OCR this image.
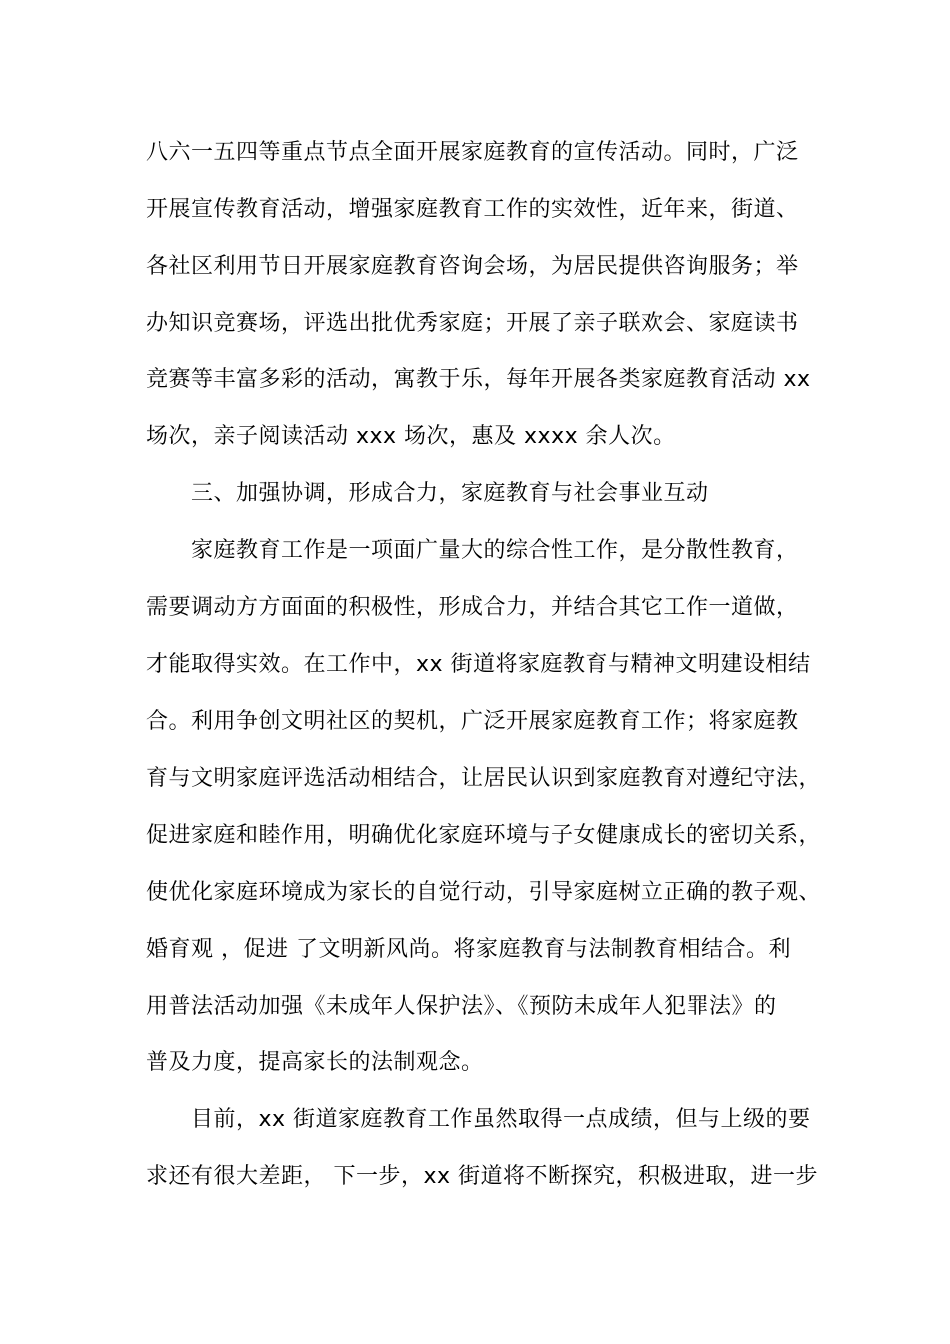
八六一五四等重点节点全面开展家庭教育的宣传活动。同时，广泛
开展宣传教育活动，增强家庭教育工作的实效性，近年来，街道、
各社区利用节日开展家庭教育咨询会场，为居民提供咨询服务；举
办知识竞赛场，评选出批优秀家庭；开展了亲子联欢会、家庭读书
竞赛等丰富多彩的活动，寓教于乐，每年开展各类家庭教育活动 xx
场次，亲子阅读活动 xxx 场次，惠及 xxxx 余人次。
三、加强协调，形成合力，家庭教育与社会事业互动
家庭教育工作是一项面广量大的综合性工作，是分散性教育，
需要调动方方面面的积极性，形成合力，并结合其它工作一道做，
才能取得实效。在工作中，xx 街道将家庭教育与精神文明建设相结
合。利用争创文明社区的契机，广泛开展家庭教育工作；将家庭教
育与文明家庭评选活动相结合，让居民认识到家庭教育对遵纪守法，
促进家庭和睦作用，明确优化家庭环境与子女健康成长的密切关系，
使优化家庭环境成为家长的自觉行动，引导家庭树立正确的教子观、
婚育观 ，促进 了文明新风尚。将家庭教育与法制教育相结合。利
用普法活动加强《未成年人保护法》、《预防未成年人犯罪法》的
普及力度，提高家长的法制观念。
目前，xx 街道家庭教育工作虽然取得一点成绩，但与上级的要
求还有很大差距， 下一步，xx 街道将不断探究，积极进取，进一步
